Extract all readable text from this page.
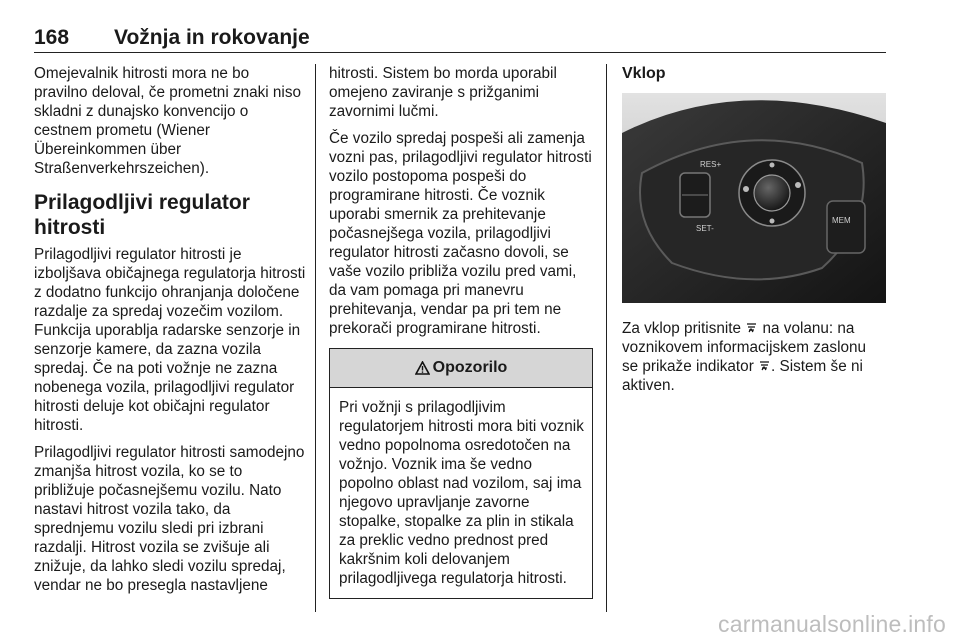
168 Vožnja in rokovanje

Omejevalnik hitrosti mora ne bo pravilno deloval, če prometni znaki niso skladni z dunajsko konvencijo o cestnem prometu (Wiener Übereinkommen über Straßenverkehrszeichen).

Prilagodljivi regulator hitrosti

Prilagodljivi regulator hitrosti je izboljšava običajnega regulatorja hitrosti z dodatno funkcijo ohranjanja določene razdalje za spredaj vozečim vozilom. Funkcija uporablja radarske senzorje in senzorje kamere, da zazna vozila spredaj. Če na poti vožnje ne zazna nobenega vozila, prilagodljivi regulator hitrosti deluje kot običajni regulator hitrosti.

Prilagodljivi regulator hitrosti samodejno zmanjša hitrost vozila, ko se to približuje počasnejšemu vozilu. Nato nastavi hitrost vozila tako, da sprednjemu vozilu sledi pri izbrani razdalji. Hitrost vozila se zvišuje ali znižuje, da lahko sledi vozilu spredaj, vendar ne bo presegla nastavljene

hitrosti. Sistem bo morda uporabil omejeno zaviranje s prižganimi zavornimi lučmi.

Če vozilo spredaj pospeši ali zamenja vozni pas, prilagodljivi regulator hitrosti vozilo postopoma pospeši do programirane hitrosti. Če voznik uporabi smernik za prehitevanje počasnejšega vozila, prilagodljivi regulator hitrosti začasno dovoli, se vaše vozilo približa vozilu pred vami, da vam pomaga pri manevru prehitevanja, vendar pa pri tem ne prekorači programirane hitrosti.

Opozorilo
Pri vožnji s prilagodljivim regulatorjem hitrosti mora biti voznik vedno popolnoma osredotočen na vožnjo. Voznik ima še vedno popolno oblast nad vozilom, saj ima njegovo upravljanje zavorne stopalke, stopalke za plin in stikala za preklic vedno prednost pred kakršnim koli delovanjem prilagodljivega regulatorja hitrosti.
Vklop
RES+
SET-
MEM

Za vklop pritisnite  na volanu: na voznikovem informacijskem zaslonu se prikaže indikator . Sistem še ni aktiven.

carmanualsonline.info
